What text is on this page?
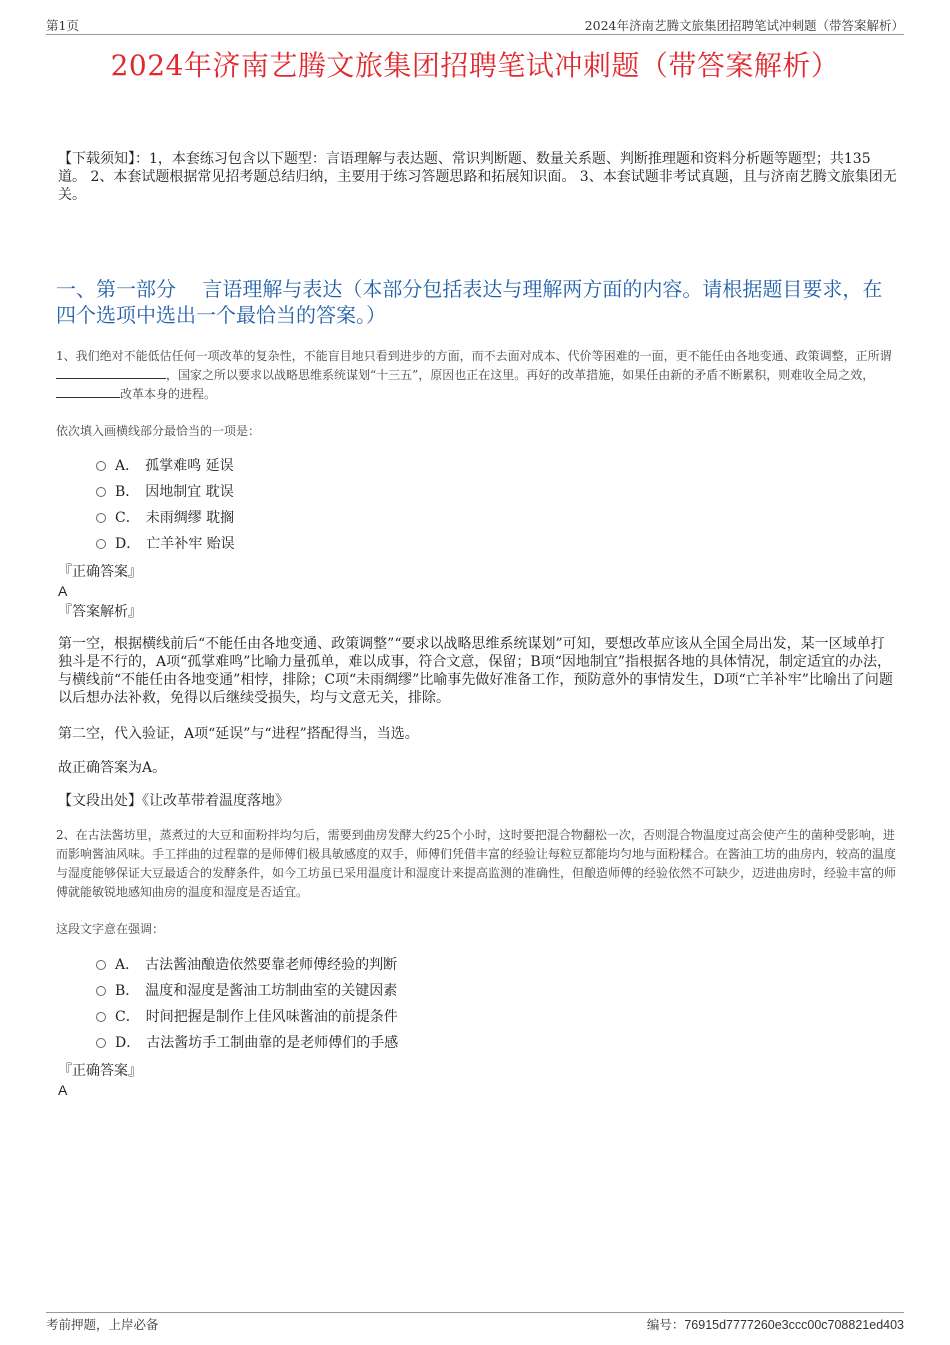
第1页	2024年济南艺腾文旅集团招聘笔试冲刺题（带答案解析）
2024年济南艺腾文旅集团招聘笔试冲刺题（带答案解析）
【下载须知】：1，本套练习包含以下题型：言语理解与表达题、常识判断题、数量关系题、判断推理题和资料分析题等题型；共135道。 2、本套试题根据常见招考题总结归纳，主要用于练习答题思路和拓展知识面。 3、本套试题非考试真题，且与济南艺腾文旅集团无关。
一、第一部分　 言语理解与表达（本部分包括表达与理解两方面的内容。请根据题目要求，在四个选项中选出一个最恰当的答案。）
1、我们绝对不能低估任何一项改革的复杂性，不能盲目地只看到进步的方面，而不去面对成本、代价等困难的一面，更不能任由各地变通、政策调整，正所谓，国家之所以要求以战略思维系统谋划“十三五”，原因也正在这里。再好的改革措施，如果任由新的矛盾不断累积，则难收全局之效，改革本身的进程。
依次填入画横线部分最恰当的一项是：
A． 孤掌难鸣 延误
B． 因地制宜 耽误
C． 未雨绸缪 耽搁
D． 亡羊补牢 贻误
『正确答案』
A
『答案解析』
第一空，根据横线前后“不能任由各地变通、政策调整”“要求以战略思维系统谋划”可知，要想改革应该从全国全局出发，某一区域单打独斗是不行的，A项“孤掌难鸣”比喻力量孤单，难以成事，符合文意，保留；B项“因地制宜”指根据各地的具体情况，制定适宜的办法，与横线前“不能任由各地变通”相悖，排除；C项“未雨绸缪”比喻事先做好准备工作，预防意外的事情发生，D项“亡羊补牢”比喻出了问题以后想办法补救，免得以后继续受损失，均与文意无关，排除。
第二空，代入验证，A项“延误”与“进程”搭配得当，当选。
故正确答案为A。
【文段出处】《让改革带着温度落地》
2、在古法酱坊里，蒸煮过的大豆和面粉拌均匀后，需要到曲房发酵大约25个小时，这时要把混合物翻松一次，否则混合物温度过高会使产生的菌种受影响，进而影响酱油风味。手工拌曲的过程靠的是师傅们极具敏感度的双手，师傅们凭借丰富的经验让每粒豆都能均匀地与面粉糅合。在酱油工坊的曲房内，较高的温度与湿度能够保证大豆最适合的发酵条件，如今工坊虽已采用温度计和湿度计来提高监测的准确性，但酿造师傅的经验依然不可缺少，迈进曲房时，经验丰富的师傅就能敏锐地感知曲房的温度和湿度是否适宜。
这段文字意在强调：
A． 古法酱油酿造依然要靠老师傅经验的判断
B． 温度和湿度是酱油工坊制曲室的关键因素
C． 时间把握是制作上佳风味酱油的前提条件
D． 古法酱坊手工制曲靠的是老师傅们的手感
『正确答案』
A
考前押题，上岸必备	编号：76915d7777260e3ccc00c708821ed403
